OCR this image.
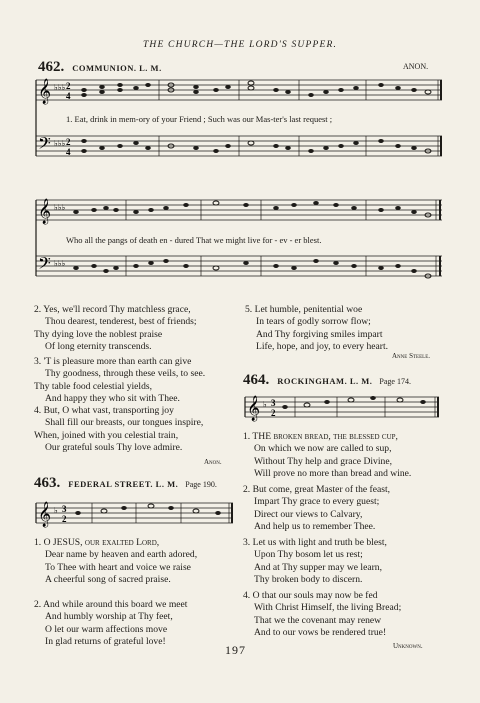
THE CHURCH—THE LORD'S SUPPER.
462. COMMUNION. L. M.	ANON.
𝄞
𝄢
♭♭♭
♭♭♭
2
4
2
4
1. Eat, drink in mem-ory of your Friend ; Such was our Mas-ter's last request ;
𝄞
𝄢
♭♭♭
♭♭♭
Who all the pangs of death en - dured That we might live for - ev - er blest.
2. Yes, we'll record Thy matchless grace,
Thou dearest, tenderest, best of friends;
Thy dying love the noblest praise
Of long eternity transcends.
3. 'T is pleasure more than earth can give
Thy goodness, through these veils, to see.
Thy table food celestial yields,
And happy they who sit with Thee.
4. But, O what vast, transporting joy
Shall fill our breasts, our tongues inspire,
When, joined with you celestial train,
Our grateful souls Thy love admire.
Anon.
5. Let humble, penitential woe
In tears of godly sorrow flow;
And Thy forgiving smiles impart
Life, hope, and joy, to every heart.
Anne Steele.
463. FEDERAL STREET. L. M. Page 190.
𝄞 ♭ 3
2
1. O JESUS, our exalted Lord,
Dear name by heaven and earth adored,
To Thee with heart and voice we raise
A cheerful song of sacred praise.
2. And while around this board we meet
And humbly worship at Thy feet,
O let our warm affections move
In glad returns of grateful love!
464. ROCKINGHAM. L. M. Page 174.
𝄞 ♭ 3
2
1. THE broken bread, the blessed cup,
On which we now are called to sup,
Without Thy help and grace Divine,
Will prove no more than bread and wine.
2. But come, great Master of the feast,
Impart Thy grace to every guest;
Direct our views to Calvary,
And help us to remember Thee.
3. Let us with light and truth be blest,
Upon Thy bosom let us rest;
And at Thy supper may we learn,
Thy broken body to discern.
4. O that our souls may now be fed
With Christ Himself, the living Bread;
That we the covenant may renew
And to our vows be rendered true!
Unknown.
197
